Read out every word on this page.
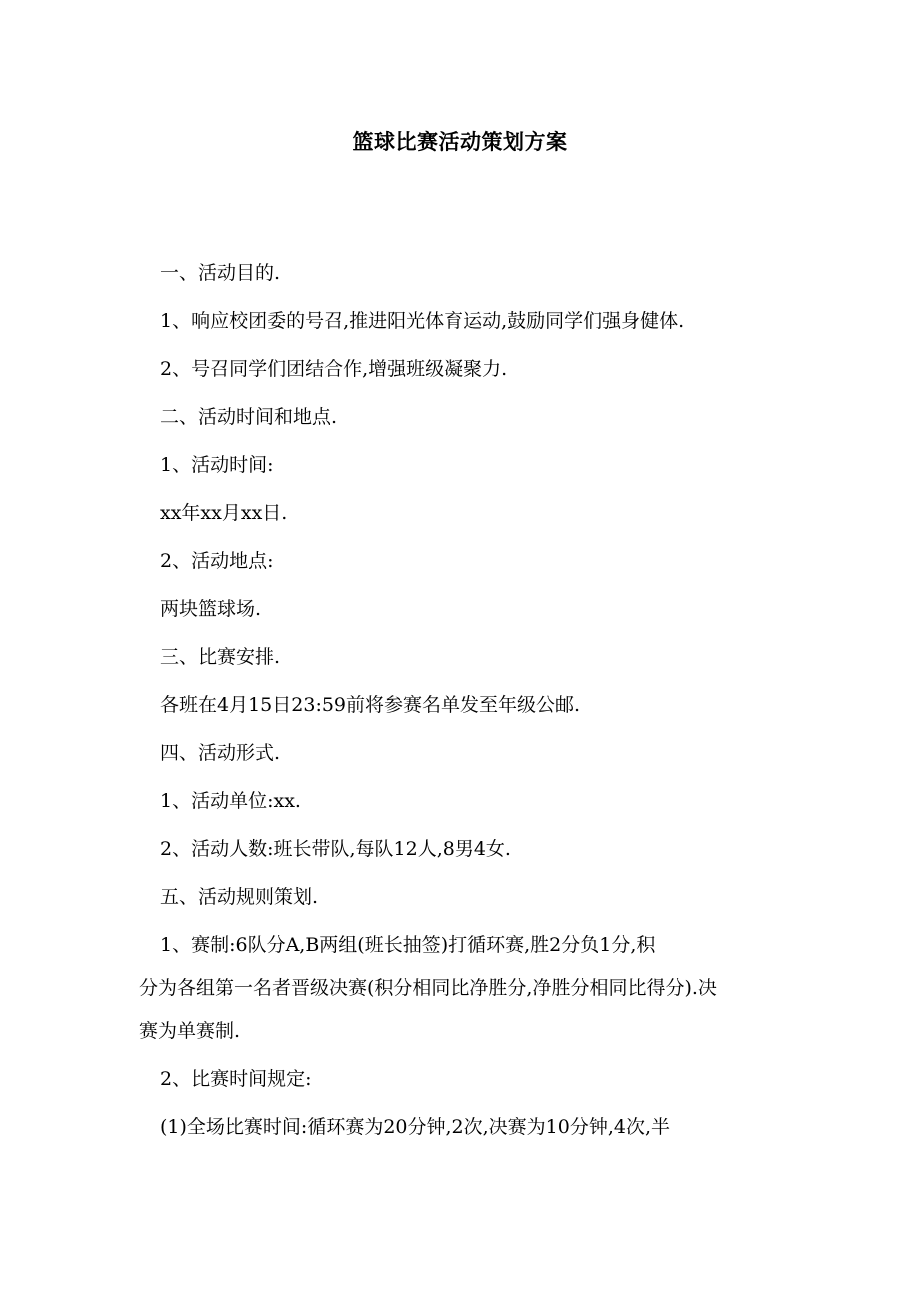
篮球比赛活动策划方案

一、活动目的.

1、响应校团委的号召,推进阳光体育运动,鼓励同学们强身健体.

2、号召同学们团结合作,增强班级凝聚力.

二、活动时间和地点.

1、活动时间:

xx年xx月xx日.

2、活动地点:

两块篮球场.

三、比赛安排.

各班在4月15日23:59前将参赛名单发至年级公邮.

四、活动形式.

1、活动单位:xx.

2、活动人数:班长带队,每队12人,8男4女.

五、活动规则策划.

1、赛制:6队分A,B两组(班长抽签)打循环赛,胜2分负1分,积

分为各组第一名者晋级决赛(积分相同比净胜分,净胜分相同比得分).决

赛为单赛制.

2、比赛时间规定:

(1)全场比赛时间:循环赛为20分钟,2次,决赛为10分钟,4次,半
